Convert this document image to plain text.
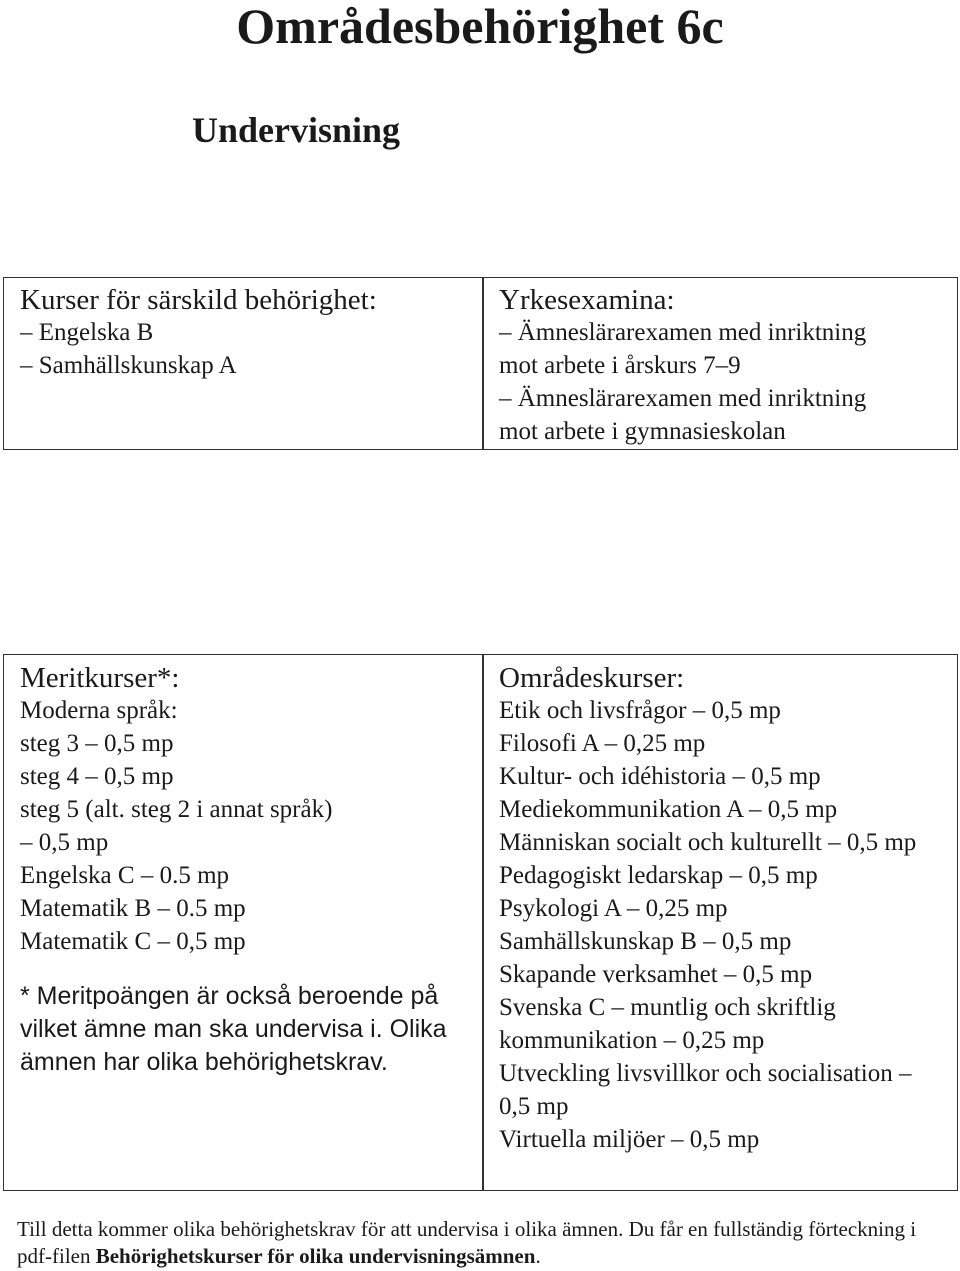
Områdesbehörighet 6c
Undervisning
Kurser för särskild behörighet:
– Engelska B
– Samhällskunskap A
Yrkesexamina:
– Ämneslärarexamen med inriktning
mot arbete i årskurs 7–9
– Ämneslärarexamen med inriktning
mot arbete i gymnasieskolan
Meritkurser*:
Moderna språk:
steg 3 – 0,5 mp
steg 4 – 0,5 mp
steg 5 (alt. steg 2 i annat språk)
– 0,5 mp
Engelska C – 0.5 mp
Matematik B – 0.5 mp
Matematik C – 0,5 mp
* Meritpoängen är också beroende på vilket ämne man ska undervisa i. Olika ämnen har olika behörighetskrav.
Områdeskurser:
Etik och livsfrågor – 0,5 mp
Filosofi A – 0,25 mp
Kultur- och idéhistoria – 0,5 mp
Mediekommunikation A – 0,5 mp
Människan socialt och kulturellt – 0,5 mp
Pedagogiskt ledarskap – 0,5 mp
Psykologi A – 0,25 mp
Samhällskunskap B – 0,5 mp
Skapande verksamhet – 0,5 mp
Svenska C – muntlig och skriftlig kommunikation – 0,25 mp
Utveckling livsvillkor och socialisation – 0,5 mp
Virtuella miljöer – 0,5 mp
Till detta kommer olika behörighetskrav för att undervisa i olika ämnen. Du får en fullständig förteckning i pdf-filen Behörighetskurser för olika undervisningsämnen.
